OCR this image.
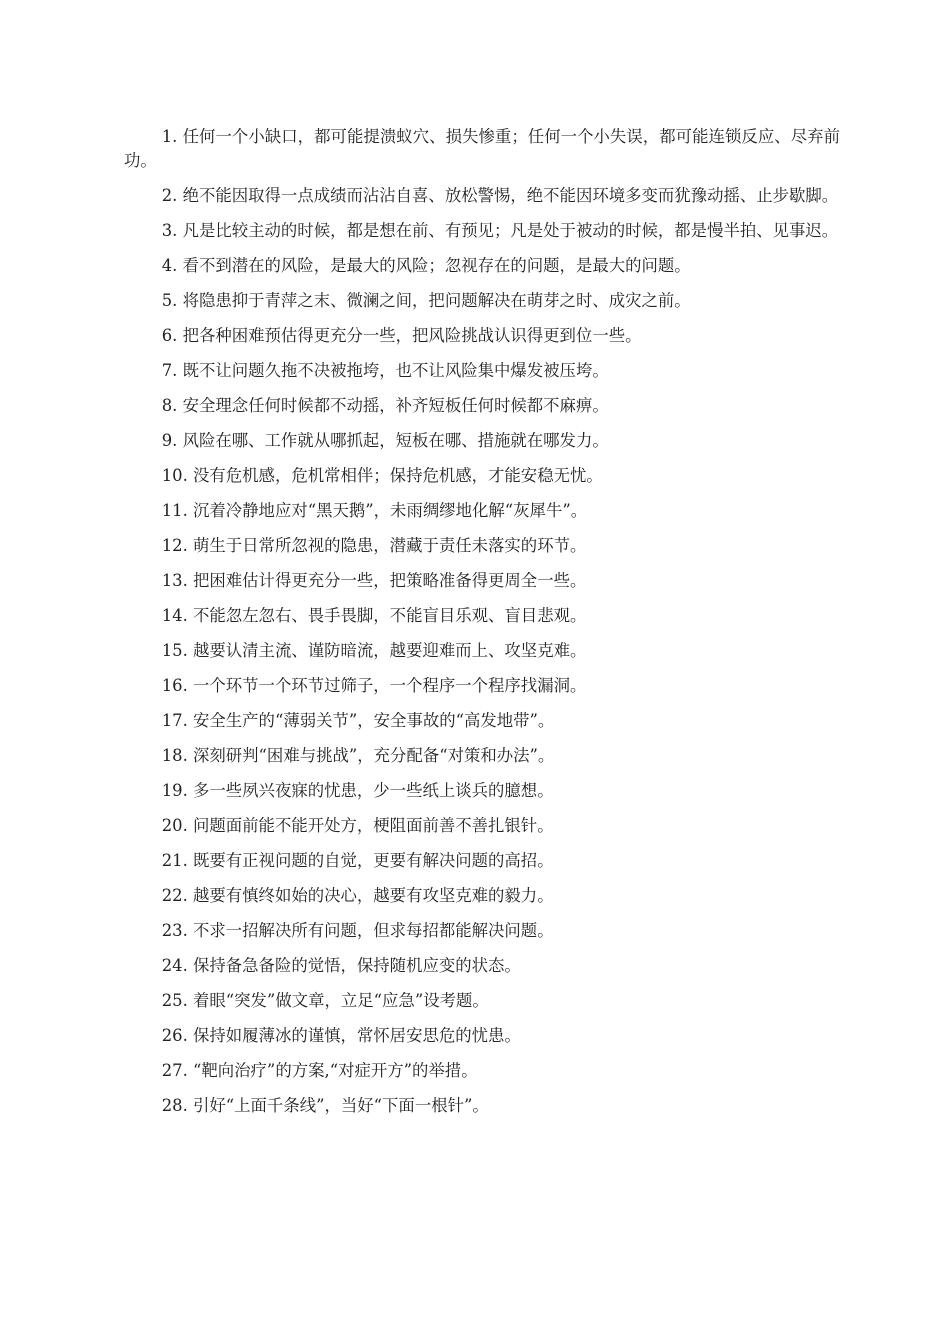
1. 任何一个小缺口，都可能提溃蚁穴、损失惨重；任何一个小失误，都可能连锁反应、尽弃前功。

2. 绝不能因取得一点成绩而沾沾自喜、放松警惕，绝不能因环境多变而犹豫动摇、止步歇脚。

3. 凡是比较主动的时候，都是想在前、有预见；凡是处于被动的时候，都是慢半拍、见事迟。

4. 看不到潜在的风险，是最大的风险；忽视存在的问题，是最大的问题。

5. 将隐患抑于青萍之末、微澜之间，把问题解决在萌芽之时、成灾之前。

6. 把各种困难预估得更充分一些，把风险挑战认识得更到位一些。

7. 既不让问题久拖不决被拖垮，也不让风险集中爆发被压垮。

8. 安全理念任何时候都不动摇，补齐短板任何时候都不麻痹。

9. 风险在哪、工作就从哪抓起，短板在哪、措施就在哪发力。

10. 没有危机感，危机常相伴；保持危机感，才能安稳无忧。

11. 沉着冷静地应对“黑天鹅”，未雨绸缪地化解“灰犀牛”。

12. 萌生于日常所忽视的隐患，潜藏于责任未落实的环节。

13. 把困难估计得更充分一些，把策略准备得更周全一些。

14. 不能忽左忽右、畏手畏脚，不能盲目乐观、盲目悲观。

15. 越要认清主流、谨防暗流，越要迎难而上、攻坚克难。

16. 一个环节一个环节过筛子，一个程序一个程序找漏洞。

17. 安全生产的“薄弱关节”，安全事故的“高发地带”。

18. 深刻研判“困难与挑战”，充分配备“对策和办法”。

19. 多一些夙兴夜寐的忧患，少一些纸上谈兵的臆想。

20. 问题面前能不能开处方，梗阻面前善不善扎银针。

21. 既要有正视问题的自觉，更要有解决问题的高招。

22. 越要有慎终如始的决心，越要有攻坚克难的毅力。

23. 不求一招解决所有问题，但求每招都能解决问题。

24. 保持备急备险的觉悟，保持随机应变的状态。

25. 着眼“突发”做文章，立足“应急”设考题。

26. 保持如履薄冰的谨慎，常怀居安思危的忧患。

27. “靶向治疗”的方案,“对症开方”的举措。

28. 引好“上面千条线”，当好“下面一根针”。
